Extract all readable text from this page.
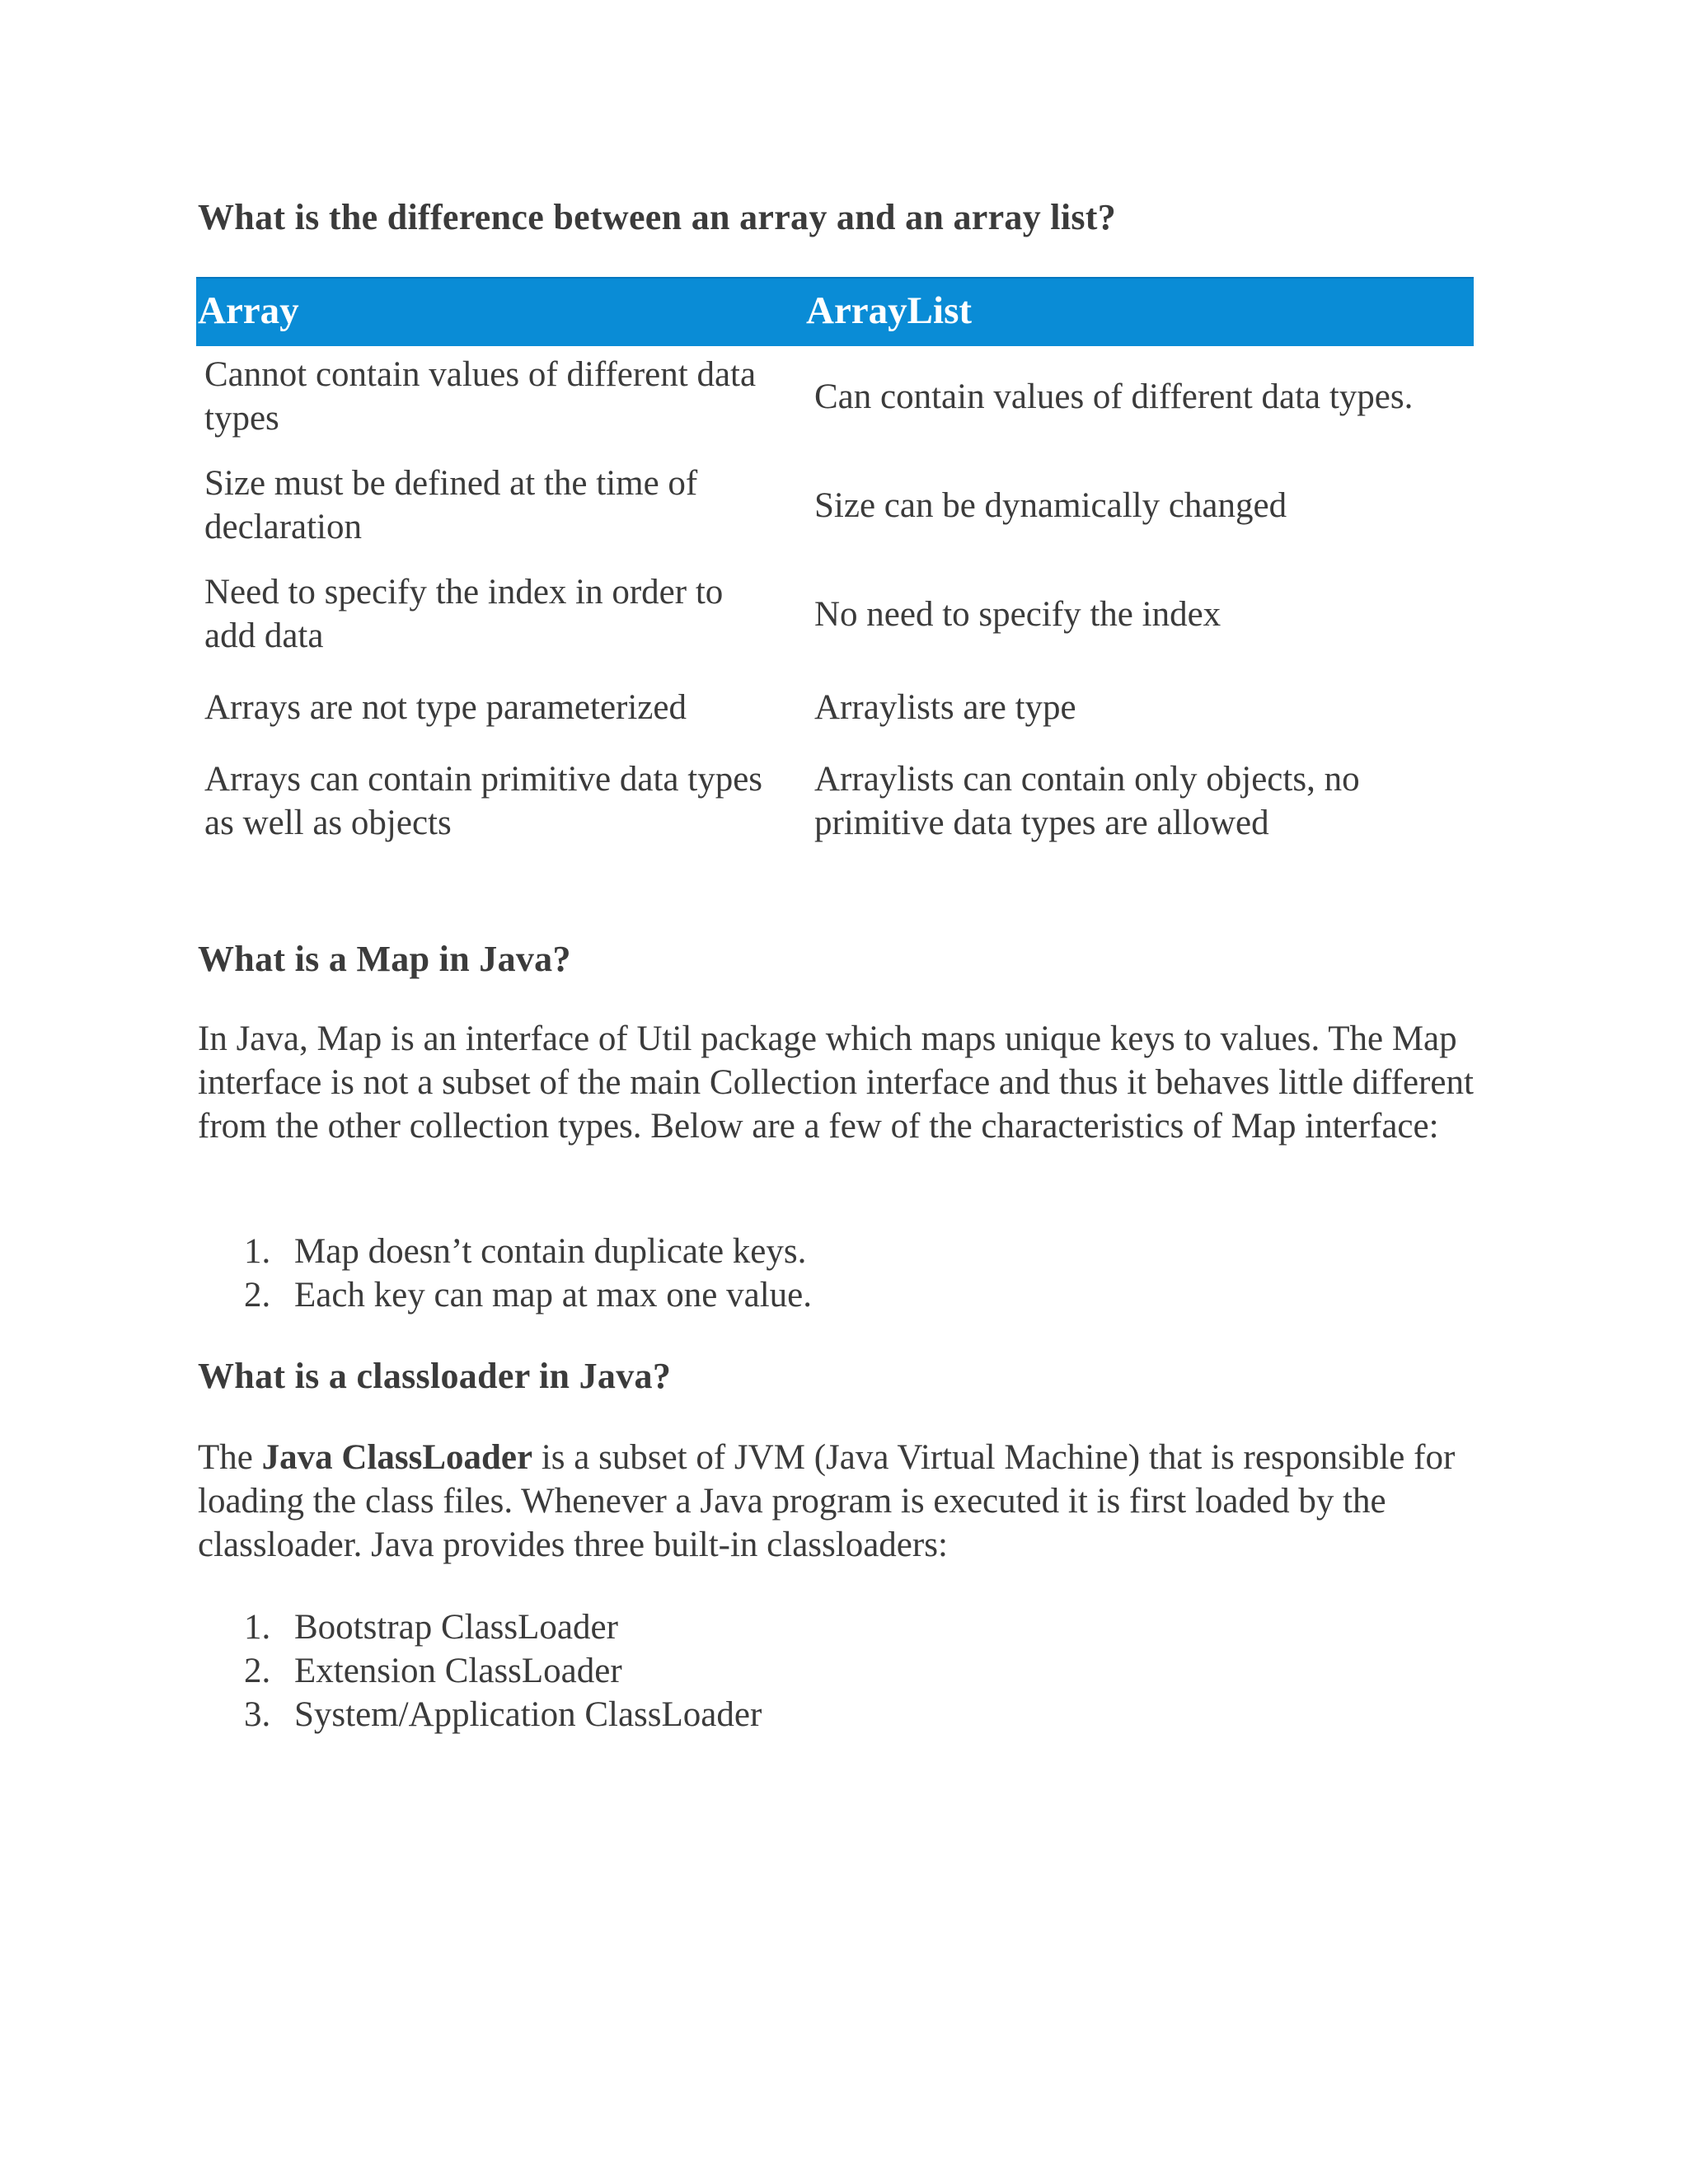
What is the difference between an array and an array list?
Array	ArrayList
Cannot contain values of different data types
Can contain values of different data types.
Size must be defined at the time of declaration
Size can be dynamically changed
Need to specify the index in order to add data
No need to specify the index
Arrays are not type parameterized	Arraylists are type
Arrays can contain primitive data types as well as objects
Arraylists can contain only objects, no primitive data types are allowed
What is a Map in Java?
In Java, Map is an interface of Util package which maps unique keys to values. The Map interface is not a subset of the main Collection interface and thus it behaves little different from the other collection types. Below are a few of the characteristics of Map interface:
1. Map doesn’t contain duplicate keys.
2. Each key can map at max one value.
What is a classloader in Java?
The Java ClassLoader is a subset of JVM (Java Virtual Machine) that is responsible for loading the class files. Whenever a Java program is executed it is first loaded by the classloader. Java provides three built-in classloaders:
1. Bootstrap ClassLoader
2. Extension ClassLoader
3. System/Application ClassLoader
